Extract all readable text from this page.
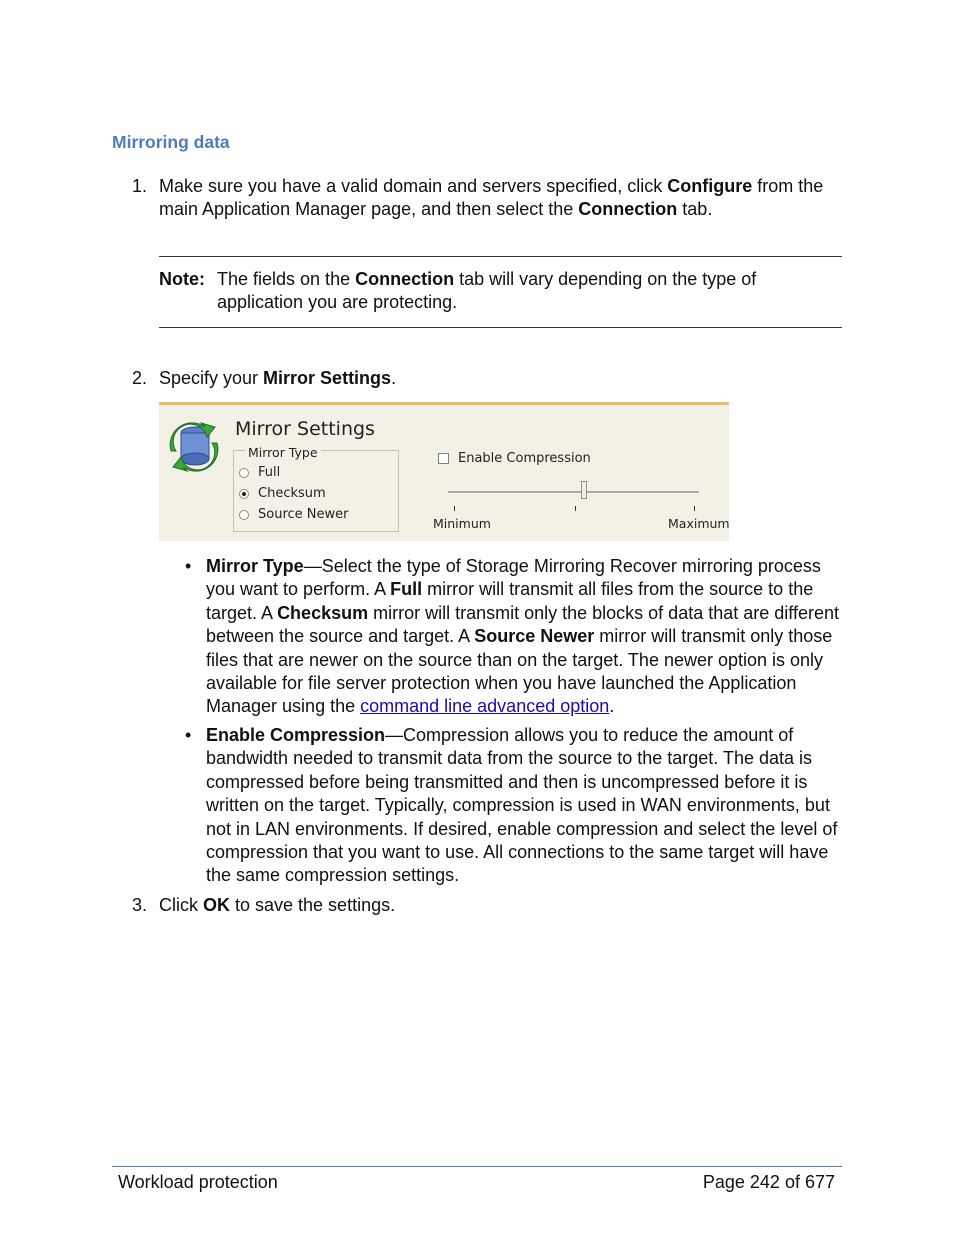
Mirroring data
1. Make sure you have a valid domain and servers specified, click Configure from the main Application Manager page, and then select the Connection tab.
Note: The fields on the Connection tab will vary depending on the type of application you are protecting.
2. Specify your Mirror Settings.
Mirror Settings
Mirror Type
Full
Checksum
Source Newer
Enable Compression
Minimum	Maximum
• Mirror Type—Select the type of Storage Mirroring Recover mirroring process you want to perform. A Full mirror will transmit all files from the source to the target. A Checksum mirror will transmit only the blocks of data that are different between the source and target. A Source Newer mirror will transmit only those files that are newer on the source than on the target. The newer option is only available for file server protection when you have launched the Application Manager using the command line advanced option.
• Enable Compression—Compression allows you to reduce the amount of bandwidth needed to transmit data from the source to the target. The data is compressed before being transmitted and then is uncompressed before it is written on the target. Typically, compression is used in WAN environments, but not in LAN environments. If desired, enable compression and select the level of compression that you want to use. All connections to the same target will have the same compression settings.
3. Click OK to save the settings.
Workload protection	Page 242 of 677
